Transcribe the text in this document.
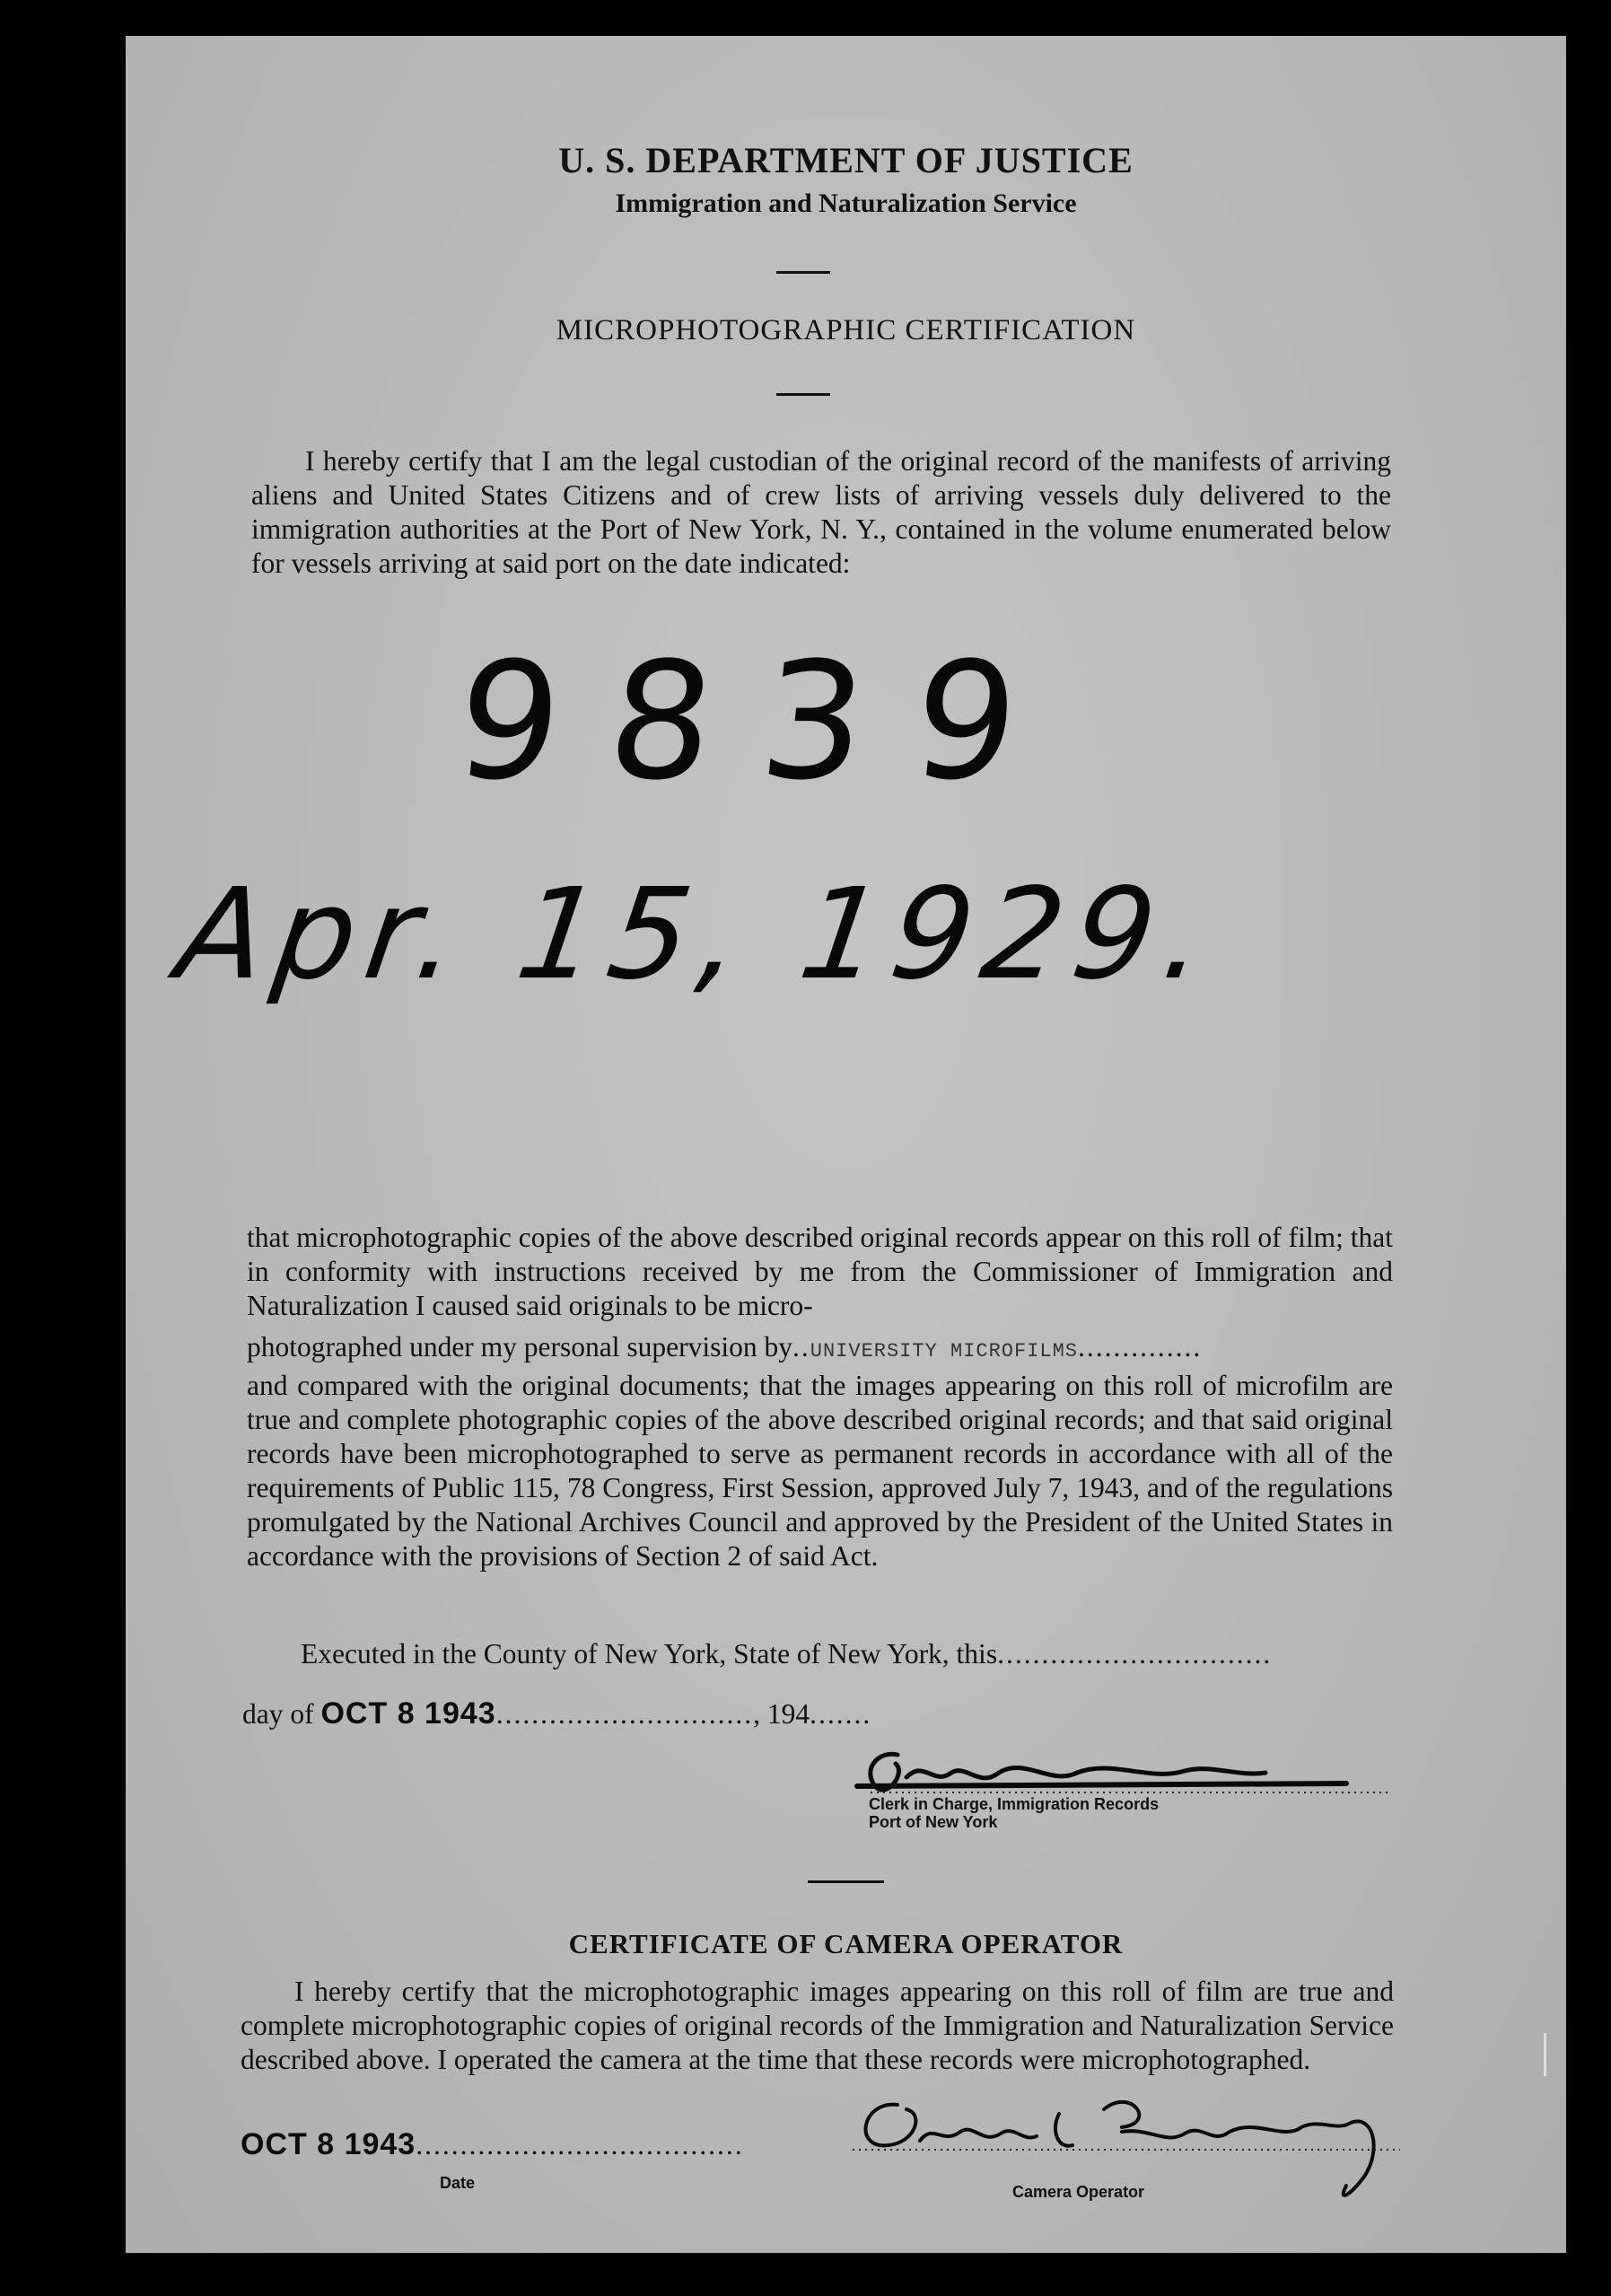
U. S. DEPARTMENT OF JUSTICE
Immigration and Naturalization Service
MICROPHOTOGRAPHIC CERTIFICATION

I hereby certify that I am the legal custodian of the original record of the manifests of arriving aliens and United States Citizens and of crew lists of arriving vessels duly delivered to the immigration authorities at the Port of New York, N. Y., contained in the volume enumerated below for vessels arriving at said port on the date indicated:

9839
Apr. 15, 1929.

that microphotographic copies of the above described original records appear on this roll of film; that in conformity with instructions received by me from the Commissioner of Immigration and Naturalization I caused said originals to be micro-

photographed under my personal supervision by..UNIVERSITY MICROFILMS..............

and compared with the original documents; that the images appearing on this roll of microfilm are true and complete photographic copies of the above described original records; and that said original records have been microphotographed to serve as permanent records in accordance with all of the requirements of Public 115, 78 Congress, First Session, approved July 7, 1943, and of the regulations promulgated by the National Archives Council and approved by the President of the United States in accordance with the provisions of Section 2 of said Act.

Executed in the County of New York, State of New York, this...............................
day of OCT 8 1943............................., 194.......
Clerk in Charge, Immigration Records
Port of New York
CERTIFICATE OF CAMERA OPERATOR

I hereby certify that the microphotographic images appearing on this roll of film are true and complete microphotographic copies of original records of the Immigration and Naturalization Service described above. I operated the camera at the time that these records were microphotographed.

OCT 8 1943.....................................
Date	Camera Operator
